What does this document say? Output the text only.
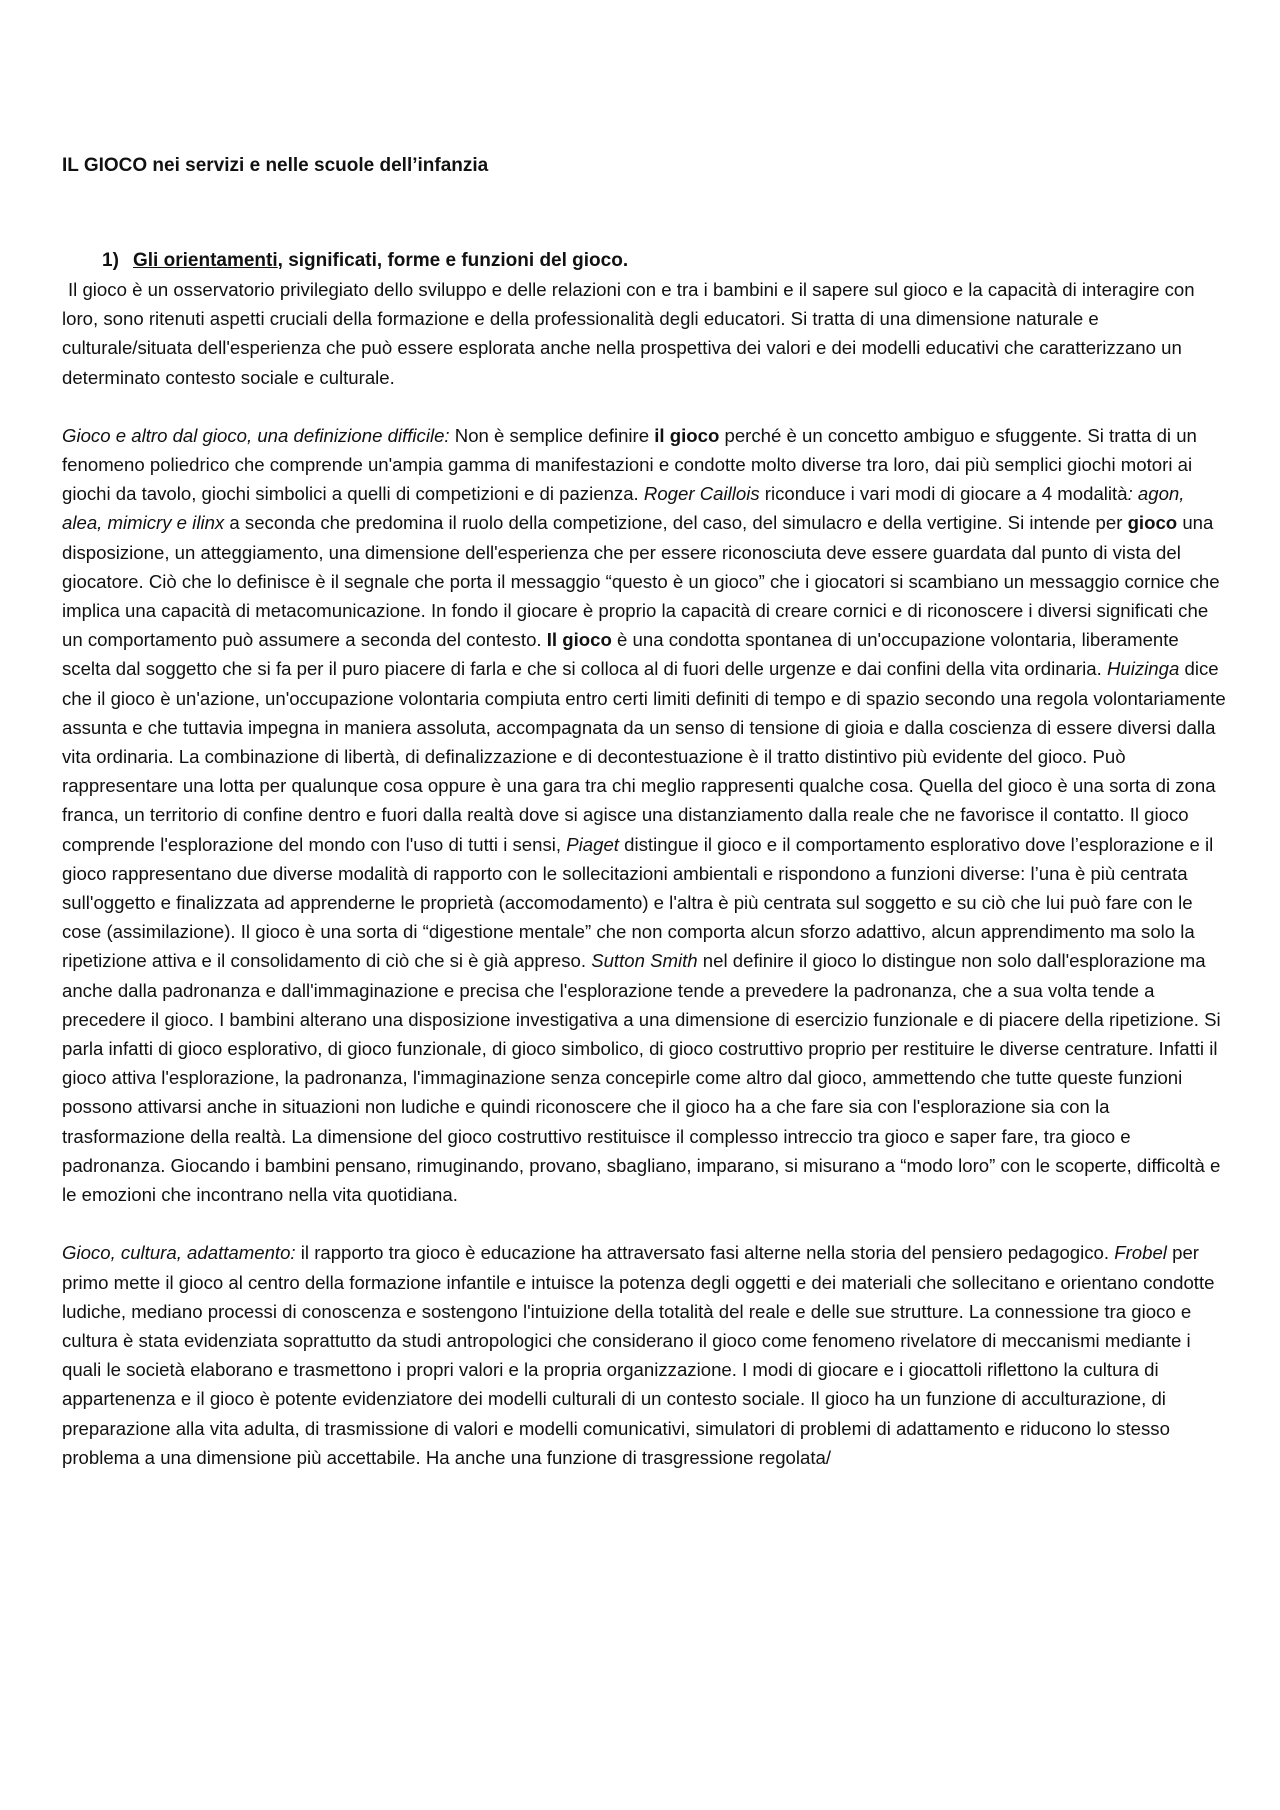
IL GIOCO nei servizi e nelle scuole dell’infanzia
1) Gli orientamenti, significati, forme e funzioni del gioco.

Il gioco è un osservatorio privilegiato dello sviluppo e delle relazioni con e tra i bambini e il sapere sul gioco e la capacità di interagire con loro, sono ritenuti aspetti cruciali della formazione e della professionalità degli educatori. Si tratta di una dimensione naturale e culturale/situata dell'esperienza che può essere esplorata anche nella prospettiva dei valori e dei modelli educativi che caratterizzano un determinato contesto sociale e culturale.

Gioco e altro dal gioco, una definizione difficile: Non è semplice definire il gioco perché è un concetto ambiguo e sfuggente. Si tratta di un fenomeno poliedrico che comprende un'ampia gamma di manifestazioni e condotte molto diverse tra loro, dai più semplici giochi motori ai giochi da tavolo, giochi simbolici a quelli di competizioni e di pazienza. Roger Caillois riconduce i vari modi di giocare a 4 modalità: agon, alea, mimicry e ilinx a seconda che predomina il ruolo della competizione, del caso, del simulacro e della vertigine. Si intende per gioco una disposizione, un atteggiamento, una dimensione dell'esperienza che per essere riconosciuta deve essere guardata dal punto di vista del giocatore. Ciò che lo definisce è il segnale che porta il messaggio “questo è un gioco” che i giocatori si scambiano un messaggio cornice che implica una capacità di metacomunicazione. In fondo il giocare è proprio la capacità di creare cornici e di riconoscere i diversi significati che un comportamento può assumere a seconda del contesto. Il gioco è una condotta spontanea di un'occupazione volontaria, liberamente scelta dal soggetto che si fa per il puro piacere di farla e che si colloca al di fuori delle urgenze e dai confini della vita ordinaria. Huizinga dice che il gioco è un'azione, un'occupazione volontaria compiuta entro certi limiti definiti di tempo e di spazio secondo una regola volontariamente assunta e che tuttavia impegna in maniera assoluta, accompagnata da un senso di tensione di gioia e dalla coscienza di essere diversi dalla vita ordinaria. La combinazione di libertà, di definalizzazione e di decontestuazione è il tratto distintivo più evidente del gioco. Può rappresentare una lotta per qualunque cosa oppure è una gara tra chi meglio rappresenti qualche cosa. Quella del gioco è una sorta di zona franca, un territorio di confine dentro e fuori dalla realtà dove si agisce una distanziamento dalla reale che ne favorisce il contatto. Il gioco comprende l'esplorazione del mondo con l'uso di tutti i sensi, Piaget distingue il gioco e il comportamento esplorativo dove l’esplorazione e il gioco rappresentano due diverse modalità di rapporto con le sollecitazioni ambientali e rispondono a funzioni diverse: l’una è più centrata sull'oggetto e finalizzata ad apprenderne le proprietà (accomodamento) e l'altra è più centrata sul soggetto e su ciò che lui può fare con le cose (assimilazione). Il gioco è una sorta di “digestione mentale” che non comporta alcun sforzo adattivo, alcun apprendimento ma solo la ripetizione attiva e il consolidamento di ciò che si è già appreso. Sutton Smith nel definire il gioco lo distingue non solo dall'esplorazione ma anche dalla padronanza e dall'immaginazione e precisa che l'esplorazione tende a prevedere la padronanza, che a sua volta tende a precedere il gioco. I bambini alterano una disposizione investigativa a una dimensione di esercizio funzionale e di piacere della ripetizione. Si parla infatti di gioco esplorativo, di gioco funzionale, di gioco simbolico, di gioco costruttivo proprio per restituire le diverse centrature. Infatti il gioco attiva l'esplorazione, la padronanza, l'immaginazione senza concepirle come altro dal gioco, ammettendo che tutte queste funzioni possono attivarsi anche in situazioni non ludiche e quindi riconoscere che il gioco ha a che fare sia con l'esplorazione sia con la trasformazione della realtà. La dimensione del gioco costruttivo restituisce il complesso intreccio tra gioco e saper fare, tra gioco e padronanza. Giocando i bambini pensano, rimuginando, provano, sbagliano, imparano, si misurano a “modo loro” con le scoperte, difficoltà e le emozioni che incontrano nella vita quotidiana.

Gioco, cultura, adattamento: il rapporto tra gioco è educazione ha attraversato fasi alterne nella storia del pensiero pedagogico. Frobel per primo mette il gioco al centro della formazione infantile e intuisce la potenza degli oggetti e dei materiali che sollecitano e orientano condotte ludiche, mediano processi di conoscenza e sostengono l'intuizione della totalità del reale e delle sue strutture. La connessione tra gioco e cultura è stata evidenziata soprattutto da studi antropologici che considerano il gioco come fenomeno rivelatore di meccanismi mediante i quali le società elaborano e trasmettono i propri valori e la propria organizzazione. I modi di giocare e i giocattoli riflettono la cultura di appartenenza e il gioco è potente evidenziatore dei modelli culturali di un contesto sociale. Il gioco ha un funzione di acculturazione, di preparazione alla vita adulta, di trasmissione di valori e modelli comunicativi, simulatori di problemi di adattamento e riducono lo stesso problema a una dimensione più accettabile. Ha anche una funzione di trasgressione regolata/
